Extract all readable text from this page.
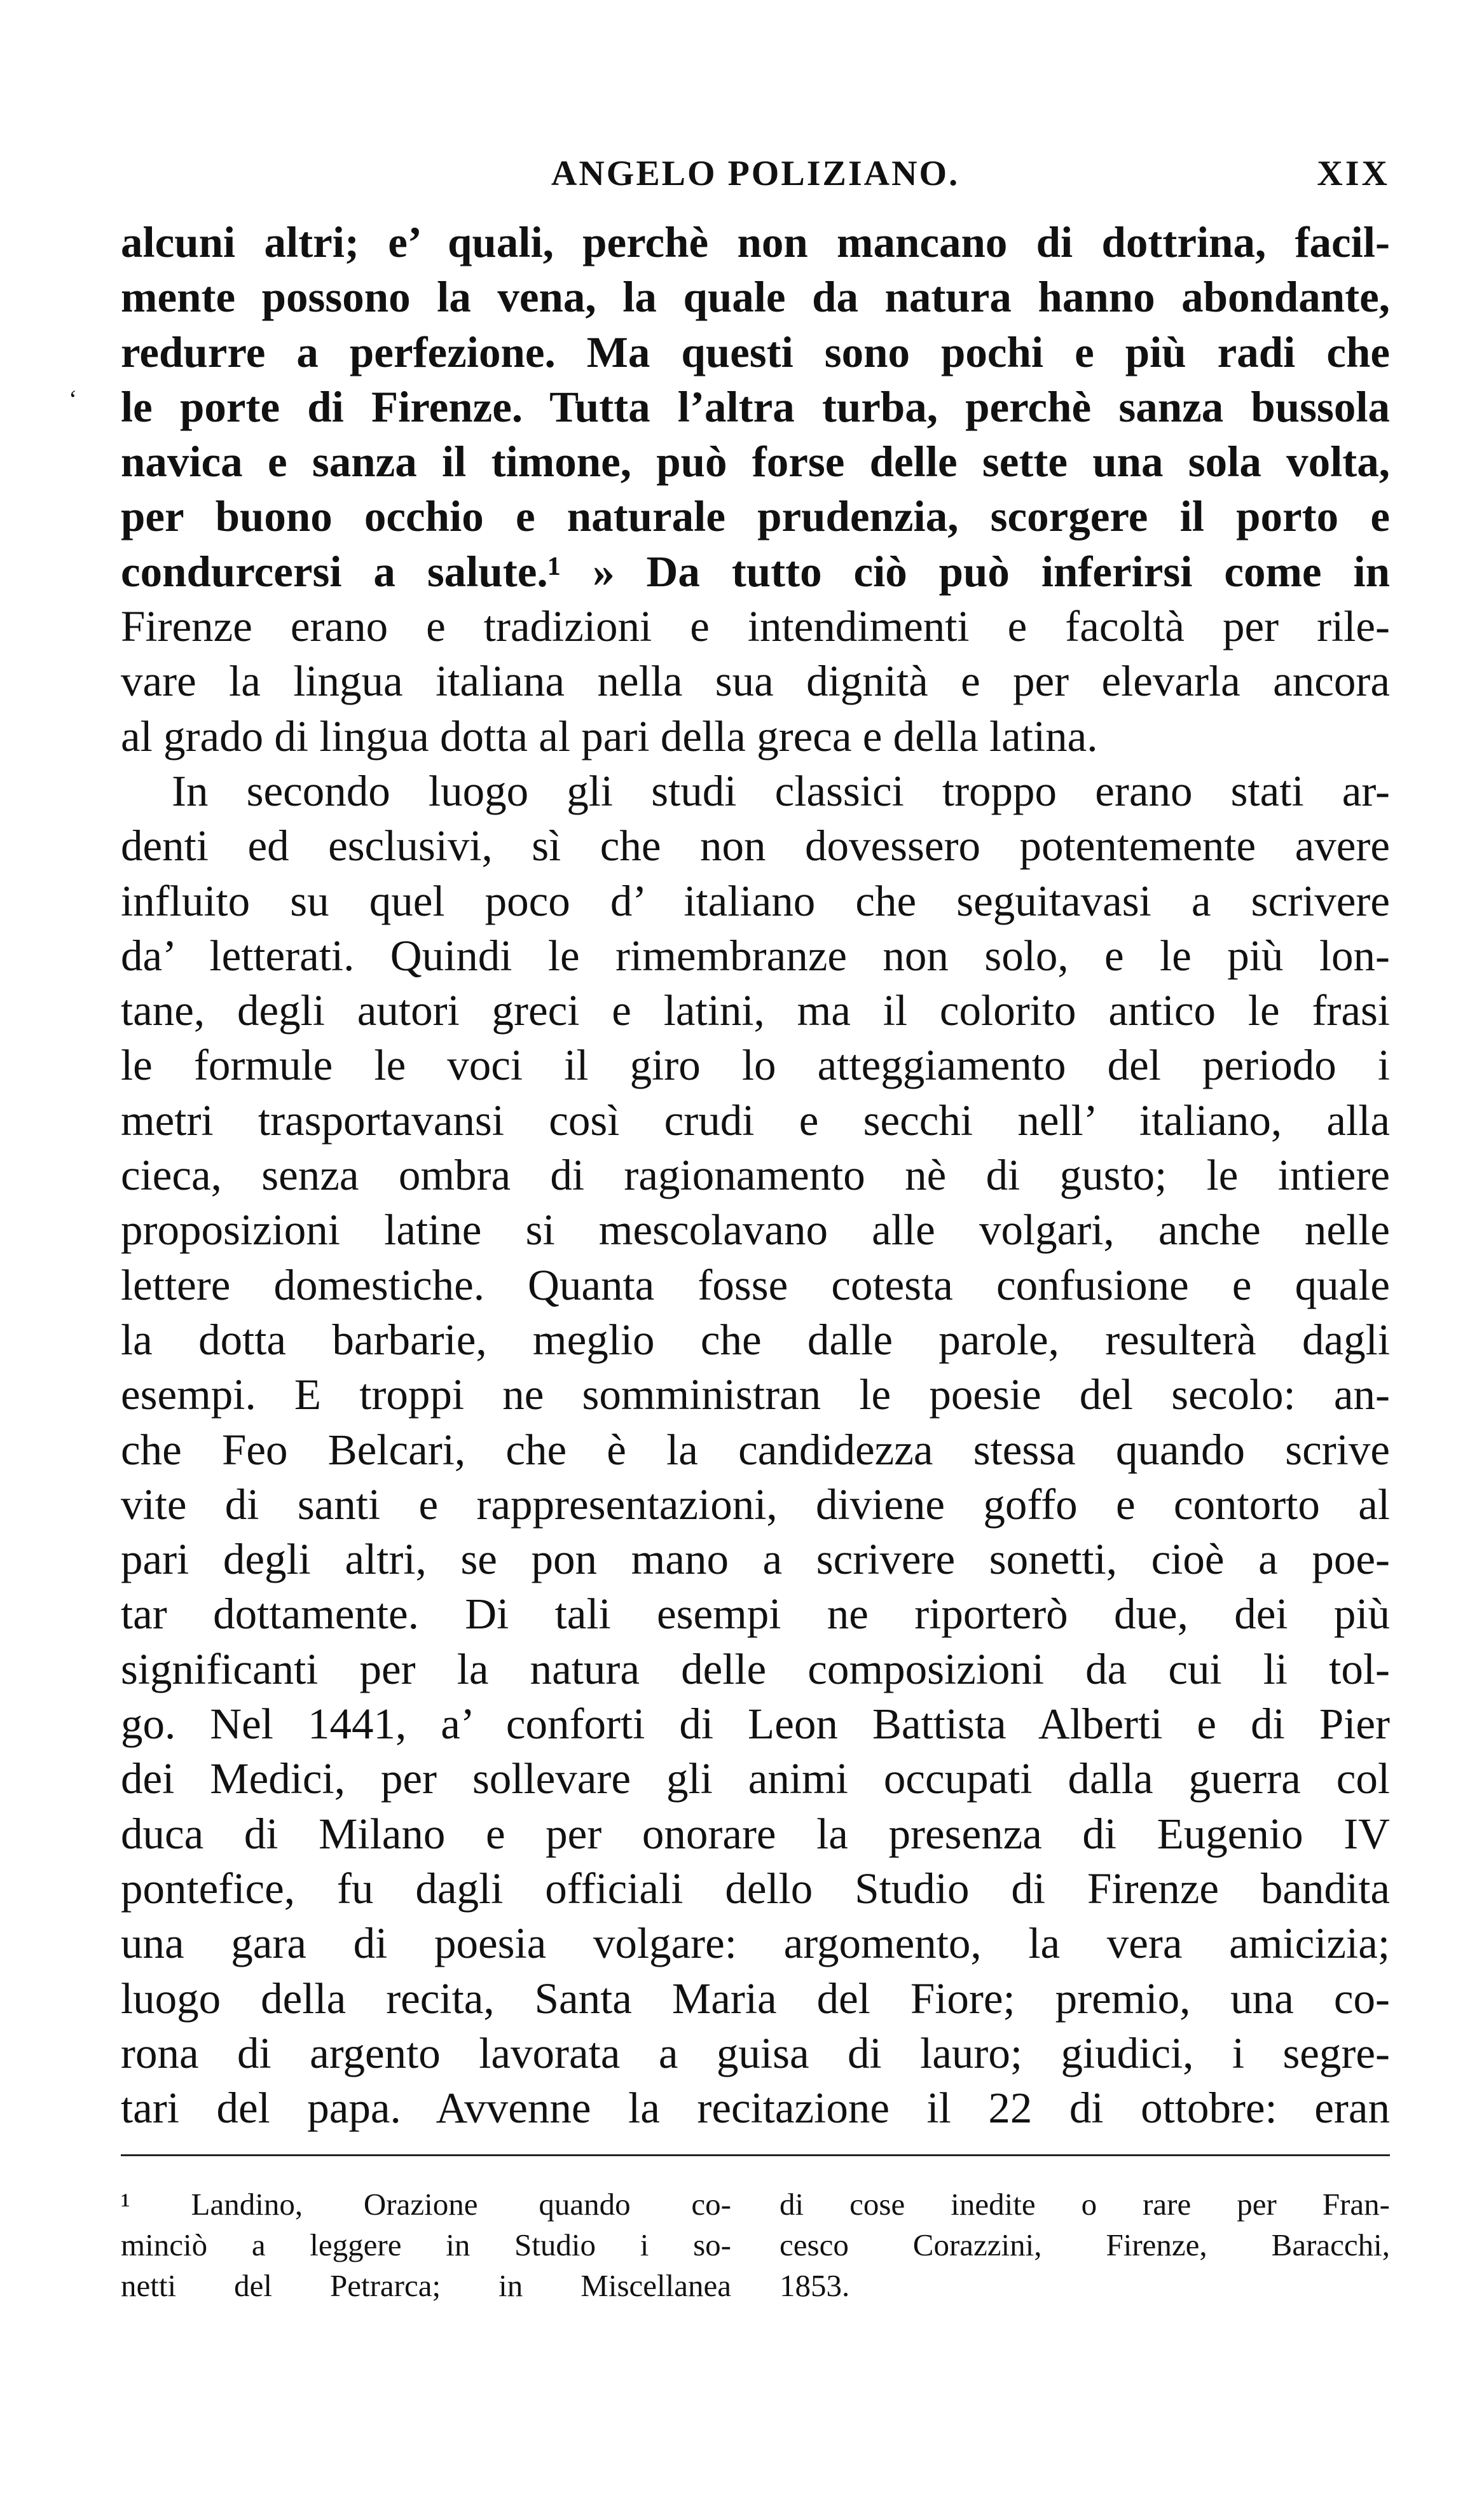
ANGELO POLIZIANO.	XIX
‘
alcuni altri; e’ quali, perchè non mancano di dottrina, facil-
mente possono la vena, la quale da natura hanno abondante,
redurre a perfezione. Ma questi sono pochi e più radi che
le porte di Firenze. Tutta l’altra turba, perchè sanza bussola
navica e sanza il timone, può forse delle sette una sola volta,
per buono occhio e naturale prudenzia, scorgere il porto e
condurcersi a salute.¹ » Da tutto ciò può inferirsi come in
Firenze erano e tradizioni e intendimenti e facoltà per rile-
vare la lingua italiana nella sua dignità e per elevarla ancora
al grado di lingua dotta al pari della greca e della latina.
In secondo luogo gli studi classici troppo erano stati ar-
denti ed esclusivi, sì che non dovessero potentemente avere
influito su quel poco d’ italiano che seguitavasi a scrivere
da’ letterati. Quindi le rimembranze non solo, e le più lon-
tane, degli autori greci e latini, ma il colorito antico le frasi
le formule le voci il giro lo atteggiamento del periodo i
metri trasportavansi così crudi e secchi nell’ italiano, alla
cieca, senza ombra di ragionamento nè di gusto; le intiere
proposizioni latine si mescolavano alle volgari, anche nelle
lettere domestiche. Quanta fosse cotesta confusione e quale
la dotta barbarie, meglio che dalle parole, resulterà dagli
esempi. E troppi ne somministran le poesie del secolo: an-
che Feo Belcari, che è la candidezza stessa quando scrive
vite di santi e rappresentazioni, diviene goffo e contorto al
pari degli altri, se pon mano a scrivere sonetti, cioè a poe-
tar dottamente. Di tali esempi ne riporterò due, dei più
significanti per la natura delle composizioni da cui li tol-
go. Nel 1441, a’ conforti di Leon Battista Alberti e di Pier
dei Medici, per sollevare gli animi occupati dalla guerra col
duca di Milano e per onorare la presenza di Eugenio IV
pontefice, fu dagli officiali dello Studio di Firenze bandita
una gara di poesia volgare: argomento, la vera amicizia;
luogo della recita, Santa Maria del Fiore; premio, una co-
rona di argento lavorata a guisa di lauro; giudici, i segre-
tari del papa. Avvenne la recitazione il 22 di ottobre: eran
¹ Landino, Orazione quando co-
minciò a leggere in Studio i so-
netti del Petrarca; in Miscellanea
di cose inedite o rare per Fran-
cesco Corazzini, Firenze, Baracchi,
1853.
